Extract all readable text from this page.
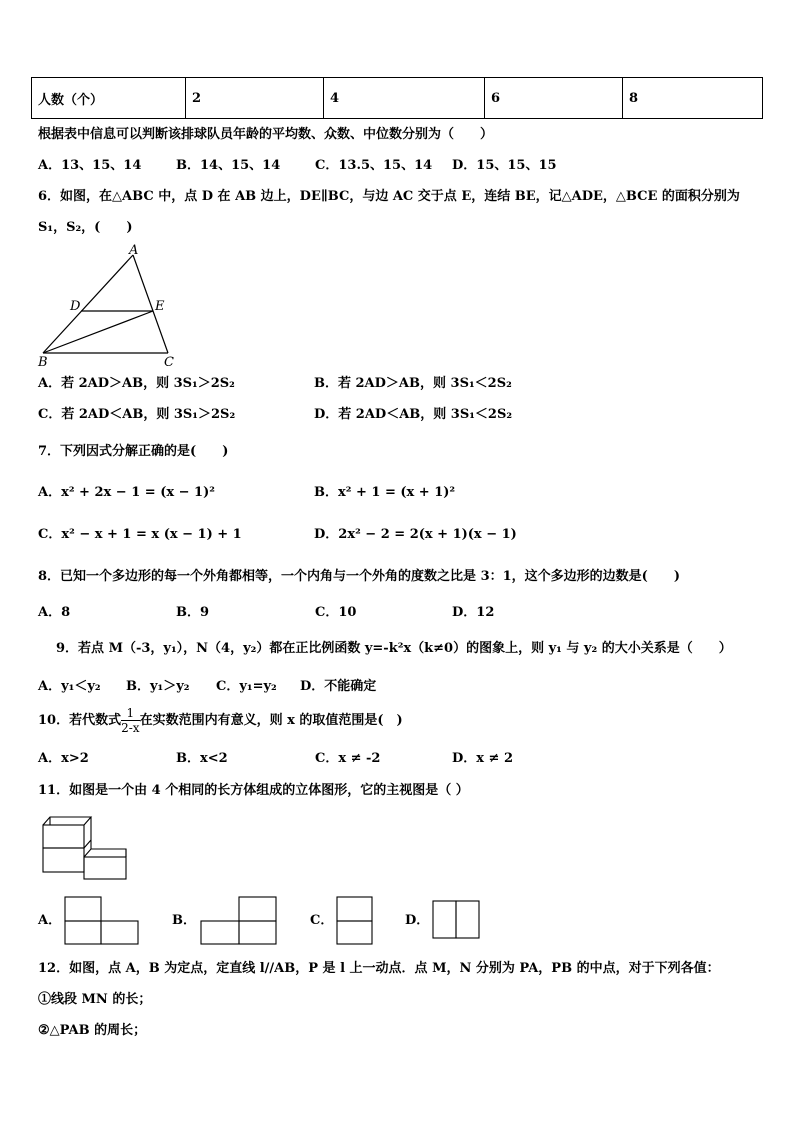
人数（个）	2	4	6	8
根据表中信息可以判断该排球队员年龄的平均数、众数、中位数分别为（　　）
A．13、15、14	B．14、15、14	C．13.5、15、14 D．15、15、15
6．如图，在△ABC 中，点 D 在 AB 边上，DE∥BC，与边 AC 交于点 E，连结 BE，记△ADE，△BCE 的面积分别为
S₁，S₂，(　　)
A
D	E
B	C
A．若 2AD＞AB，则 3S₁＞2S₂	B．若 2AD＞AB，则 3S₁＜2S₂
C．若 2AD＜AB，则 3S₁＞2S₂	D．若 2AD＜AB，则 3S₁＜2S₂
7．下列因式分解正确的是(　　)
A．x² + 2x − 1 = (x − 1)²	B．x² + 1 = (x + 1)²
C．x² − x + 1 = x (x − 1) + 1	D．2x² − 2 = 2(x + 1)(x − 1)
8．已知一个多边形的每一个外角都相等，一个内角与一个外角的度数之比是 3：1，这个多边形的边数是(　　)
A．8	B．9	C．10	D．12
9．若点 M（-3，y₁），N（4，y₂）都在正比例函数 y=-k²x（k≠0）的图象上，则 y₁ 与 y₂ 的大小关系是（　　）
A．y₁＜y₂ B．y₁＞y₂ C．y₁=y₂ D．不能确定
10．若代数式 $\frac{1}{2-x}$ 在实数范围内有意义，则 x 的取值范围是(　)
A．x>2	B．x<2	C．x ≠ -2	D．x ≠ 2
11．如图是一个由 4 个相同的长方体组成的立体图形，它的主视图是（ ）
A．	B．	C．	D．
12．如图，点 A，B 为定点，定直线 l//AB，P 是 l 上一动点．点 M，N 分别为 PA，PB 的中点，对于下列各值：
①线段 MN 的长；
②△PAB 的周长；
